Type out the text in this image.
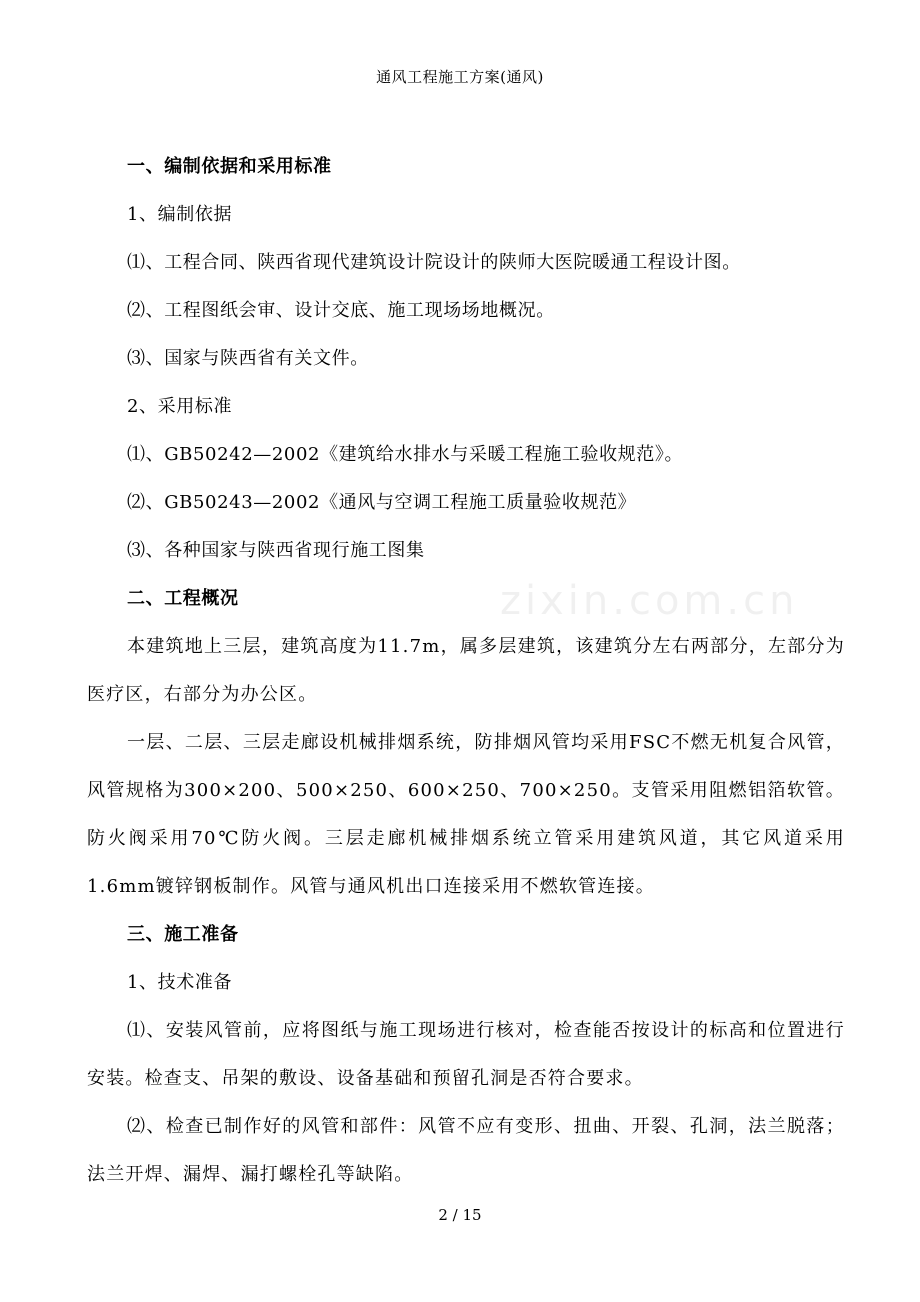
通风工程施工方案(通风)
zixin.com.cn

一、编制依据和采用标准

1、编制依据

⑴、工程合同、陕西省现代建筑设计院设计的陕师大医院暖通工程设计图。

⑵、工程图纸会审、设计交底、施工现场场地概况。

⑶、国家与陕西省有关文件。

2、采用标准

⑴、GB50242—2002《建筑给水排水与采暖工程施工验收规范》。

⑵、GB50243—2002《通风与空调工程施工质量验收规范》

⑶、各种国家与陕西省现行施工图集

二、工程概况

本建筑地上三层，建筑高度为11.7m，属多层建筑，该建筑分左右两部分，左部分为医疗区，右部分为办公区。

一层、二层、三层走廊设机械排烟系统，防排烟风管均采用FSC不燃无机复合风管，风管规格为300×200、500×250、600×250、700×250。支管采用阻燃铝箔软管。防火阀采用70℃防火阀。三层走廊机械排烟系统立管采用建筑风道，其它风道采用1.6mm镀锌钢板制作。风管与通风机出口连接采用不燃软管连接。

三、施工准备

1、技术准备

⑴、安装风管前，应将图纸与施工现场进行核对，检查能否按设计的标高和位置进行安装。检查支、吊架的敷设、设备基础和预留孔洞是否符合要求。

⑵、检查已制作好的风管和部件：风管不应有变形、扭曲、开裂、孔洞，法兰脱落；法兰开焊、漏焊、漏打螺栓孔等缺陷。

2 / 15
